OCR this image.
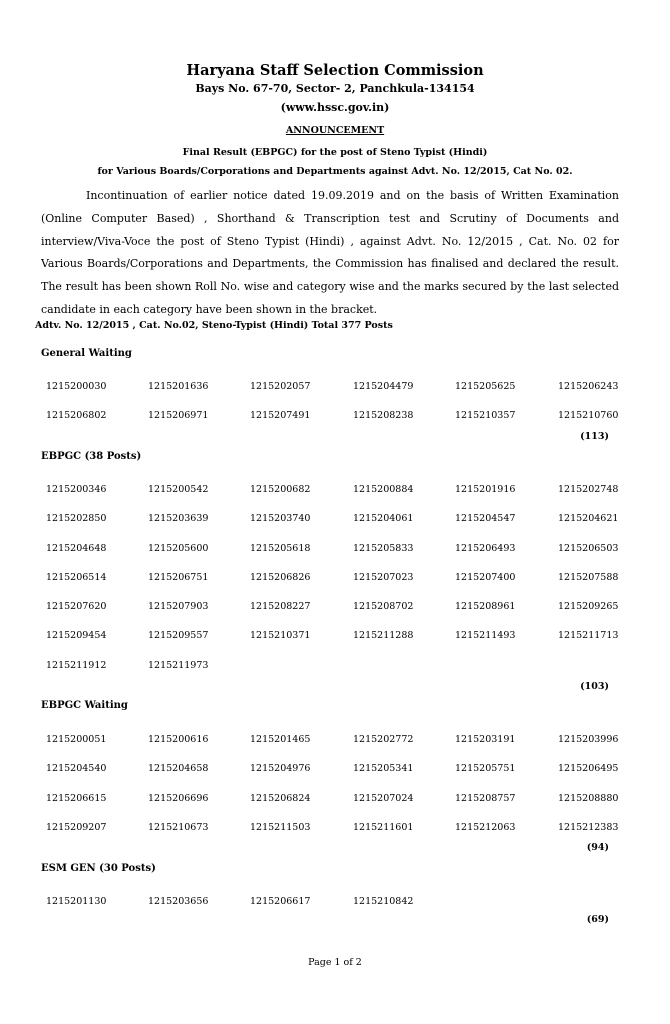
Haryana Staff Selection Commission
Bays No. 67-70, Sector- 2, Panchkula-134154
(www.hssc.gov.in)
ANNOUNCEMENT
Final Result (EBPGC) for the post of Steno Typist (Hindi)
for Various Boards/Corporations and Departments against Advt. No. 12/2015, Cat No. 02.
Incontinuation of earlier notice dated 19.09.2019 and on the basis of Written Examination (Online Computer Based) , Shorthand & Transcription test and Scrutiny of Documents and interview/Viva-Voce the post of Steno Typist (Hindi) , against Advt. No. 12/2015 , Cat. No. 02 for Various Boards/Corporations and Departments, the Commission has finalised and declared the result. The result has been shown Roll No. wise and category wise and the marks secured by the last selected candidate in each category have been shown in the bracket.
Adtv. No. 12/2015 , Cat. No.02, Steno-Typist (Hindi) Total 377 Posts
General Waiting
1215200030	1215201636	1215202057	1215204479	1215205625	1215206243
1215206802	1215206971	1215207491	1215208238	1215210357	1215210760
(113)
EBPGC (38 Posts)
1215200346	1215200542	1215200682	1215200884	1215201916	1215202748
1215202850	1215203639	1215203740	1215204061	1215204547	1215204621
1215204648	1215205600	1215205618	1215205833	1215206493	1215206503
1215206514	1215206751	1215206826	1215207023	1215207400	1215207588
1215207620	1215207903	1215208227	1215208702	1215208961	1215209265
1215209454	1215209557	1215210371	1215211288	1215211493	1215211713
1215211912	1215211973
(103)
EBPGC Waiting
1215200051	1215200616	1215201465	1215202772	1215203191	1215203996
1215204540	1215204658	1215204976	1215205341	1215205751	1215206495
1215206615	1215206696	1215206824	1215207024	1215208757	1215208880
1215209207	1215210673	1215211503	1215211601	1215212063	1215212383
(94)
ESM GEN (30 Posts)
1215201130	1215203656	1215206617	1215210842
(69)
Page 1 of 2
